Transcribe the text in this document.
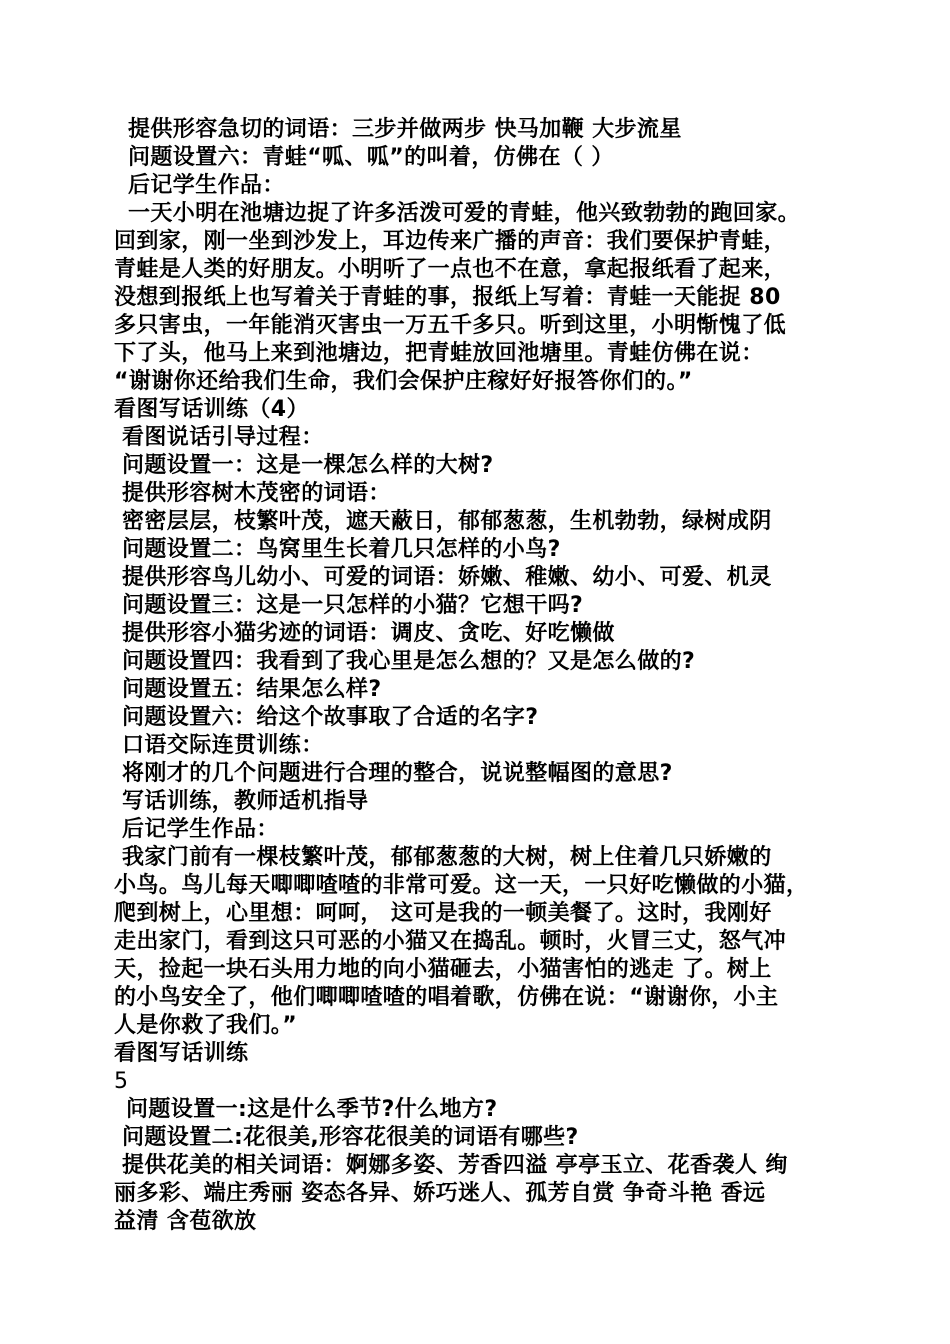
提供形容急切的词语：三步并做两步 快马加鞭 大步流星
问题设置六：青蛙“呱、呱”的叫着，仿佛在（ ）
后记学生作品：
一天小明在池塘边捉了许多活泼可爱的青蛙，他兴致勃勃的跑回家。
回到家，刚一坐到沙发上，耳边传来广播的声音：我们要保护青蛙，
青蛙是人类的好朋友。小明听了一点也不在意，拿起报纸看了起来，
没想到报纸上也写着关于青蛙的事，报纸上写着：青蛙一天能捉 80
多只害虫，一年能消灭害虫一万五千多只。听到这里，小明惭愧了低
下了头，他马上来到池塘边，把青蛙放回池塘里。青蛙仿佛在说：
“谢谢你还给我们生命，我们会保护庄稼好好报答你们的。”
看图写话训练（4）
看图说话引导过程：
问题设置一：这是一棵怎么样的大树?
提供形容树木茂密的词语：
密密层层，枝繁叶茂，遮天蔽日，郁郁葱葱，生机勃勃，绿树成阴
问题设置二：鸟窝里生长着几只怎样的小鸟?
提供形容鸟儿幼小、可爱的词语：娇嫩、稚嫩、幼小、可爱、机灵
问题设置三：这是一只怎样的小猫？它想干吗?
提供形容小猫劣迹的词语：调皮、贪吃、好吃懒做
问题设置四：我看到了我心里是怎么想的？又是怎么做的?
问题设置五：结果怎么样?
问题设置六：给这个故事取了合适的名字?
口语交际连贯训练：
将刚才的几个问题进行合理的整合，说说整幅图的意思?
写话训练，教师适机指导
后记学生作品：
我家门前有一棵枝繁叶茂，郁郁葱葱的大树，树上住着几只娇嫩的
小鸟。鸟儿每天唧唧喳喳的非常可爱。这一天，一只好吃懒做的小猫，
爬到树上，心里想：呵呵， 这可是我的一顿美餐了。这时，我刚好
走出家门，看到这只可恶的小猫又在捣乱。顿时，火冒三丈，怒气冲
天，捡起一块石头用力地的向小猫砸去，小猫害怕的逃走 了。树上
的小鸟安全了，他们唧唧喳喳的唱着歌，仿佛在说：“谢谢你，小主
人是你救了我们。”
看图写话训练
5
问题设置一:这是什么季节?什么地方?
问题设置二:花很美,形容花很美的词语有哪些?
提供花美的相关词语：婀娜多姿、芳香四溢 亭亭玉立、花香袭人 绚
丽多彩、端庄秀丽 姿态各异、娇巧迷人、孤芳自赏 争奇斗艳 香远
益清 含苞欲放
